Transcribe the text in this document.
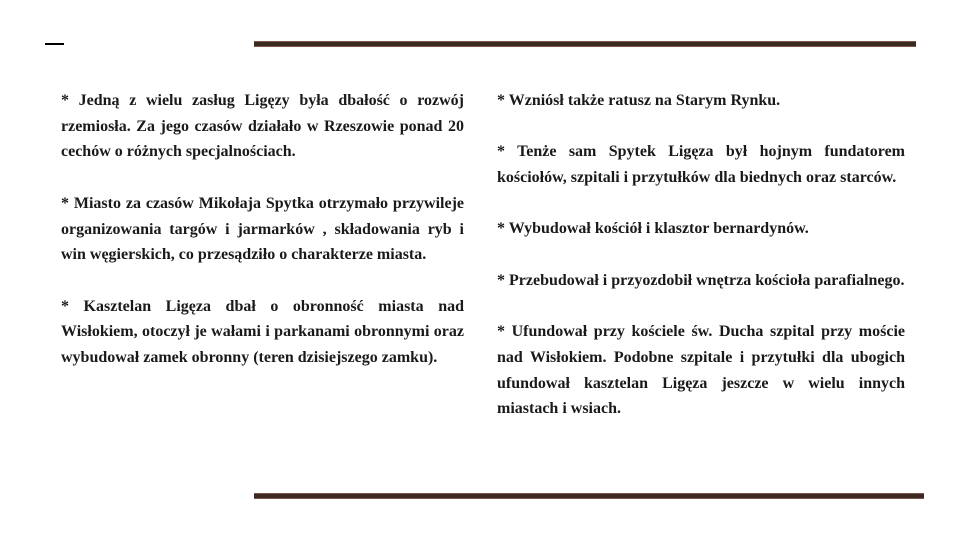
* Jedną z wielu zasług Ligęzy była dbałość o rozwój rzemiosła. Za jego czasów działało w Rzeszowie ponad 20 cechów o różnych specjalnościach.

* Miasto za czasów Mikołaja Spytka otrzymało przywileje organizowania targów i jarmarków , składowania ryb i win węgierskich, co przesądziło o charakterze miasta.

* Kasztelan Ligęza dbał o obronność miasta nad Wisłokiem, otoczył je wałami i parkanami obronnymi oraz wybudował zamek obronny (teren dzisiejszego zamku).

* Wzniósł także ratusz na Starym Rynku.

* Tenże sam Spytek Ligęza był hojnym fundatorem kościołów, szpitali i przytułków dla biednych oraz starców.

* Wybudował kościół i klasztor bernardynów.

* Przebudował i przyozdobił wnętrza kościoła parafialnego.

* Ufundował przy kościele św. Ducha szpital przy moście nad Wisłokiem. Podobne szpitale i przytułki dla ubogich ufundował kasztelan Ligęza jeszcze w wielu innych miastach i wsiach.
